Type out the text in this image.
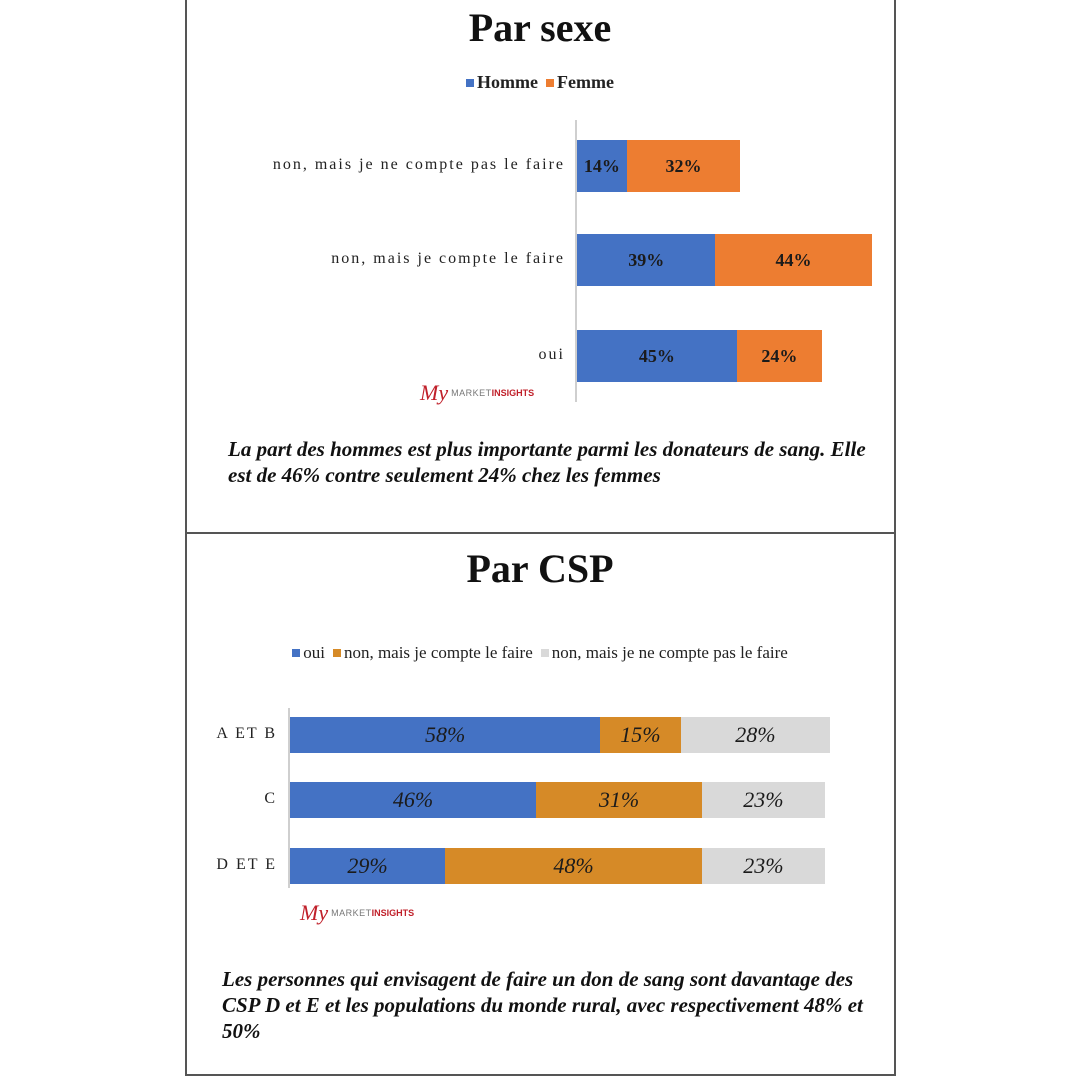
Par sexe
Homme Femme
non, mais je ne compte pas le faire 14%	32%
non, mais je compte le faire	39%	44%
oui	45%	24%
My MARKET INSIGHTS
La part des hommes est plus importante parmi les donateurs de sang. Elle est de 46% contre seulement 24% chez les femmes
Par CSP
oui non, mais je compte le faire non, mais je ne compte pas le faire
A ET B	58%	15%	28%
C	46%	31%	23%
D ET E	29%	48%	23%
My MARKET INSIGHTS
Les personnes qui envisagent de faire un don de sang sont davantage des CSP D et E et les populations du monde rural, avec respectivement 48% et 50%
